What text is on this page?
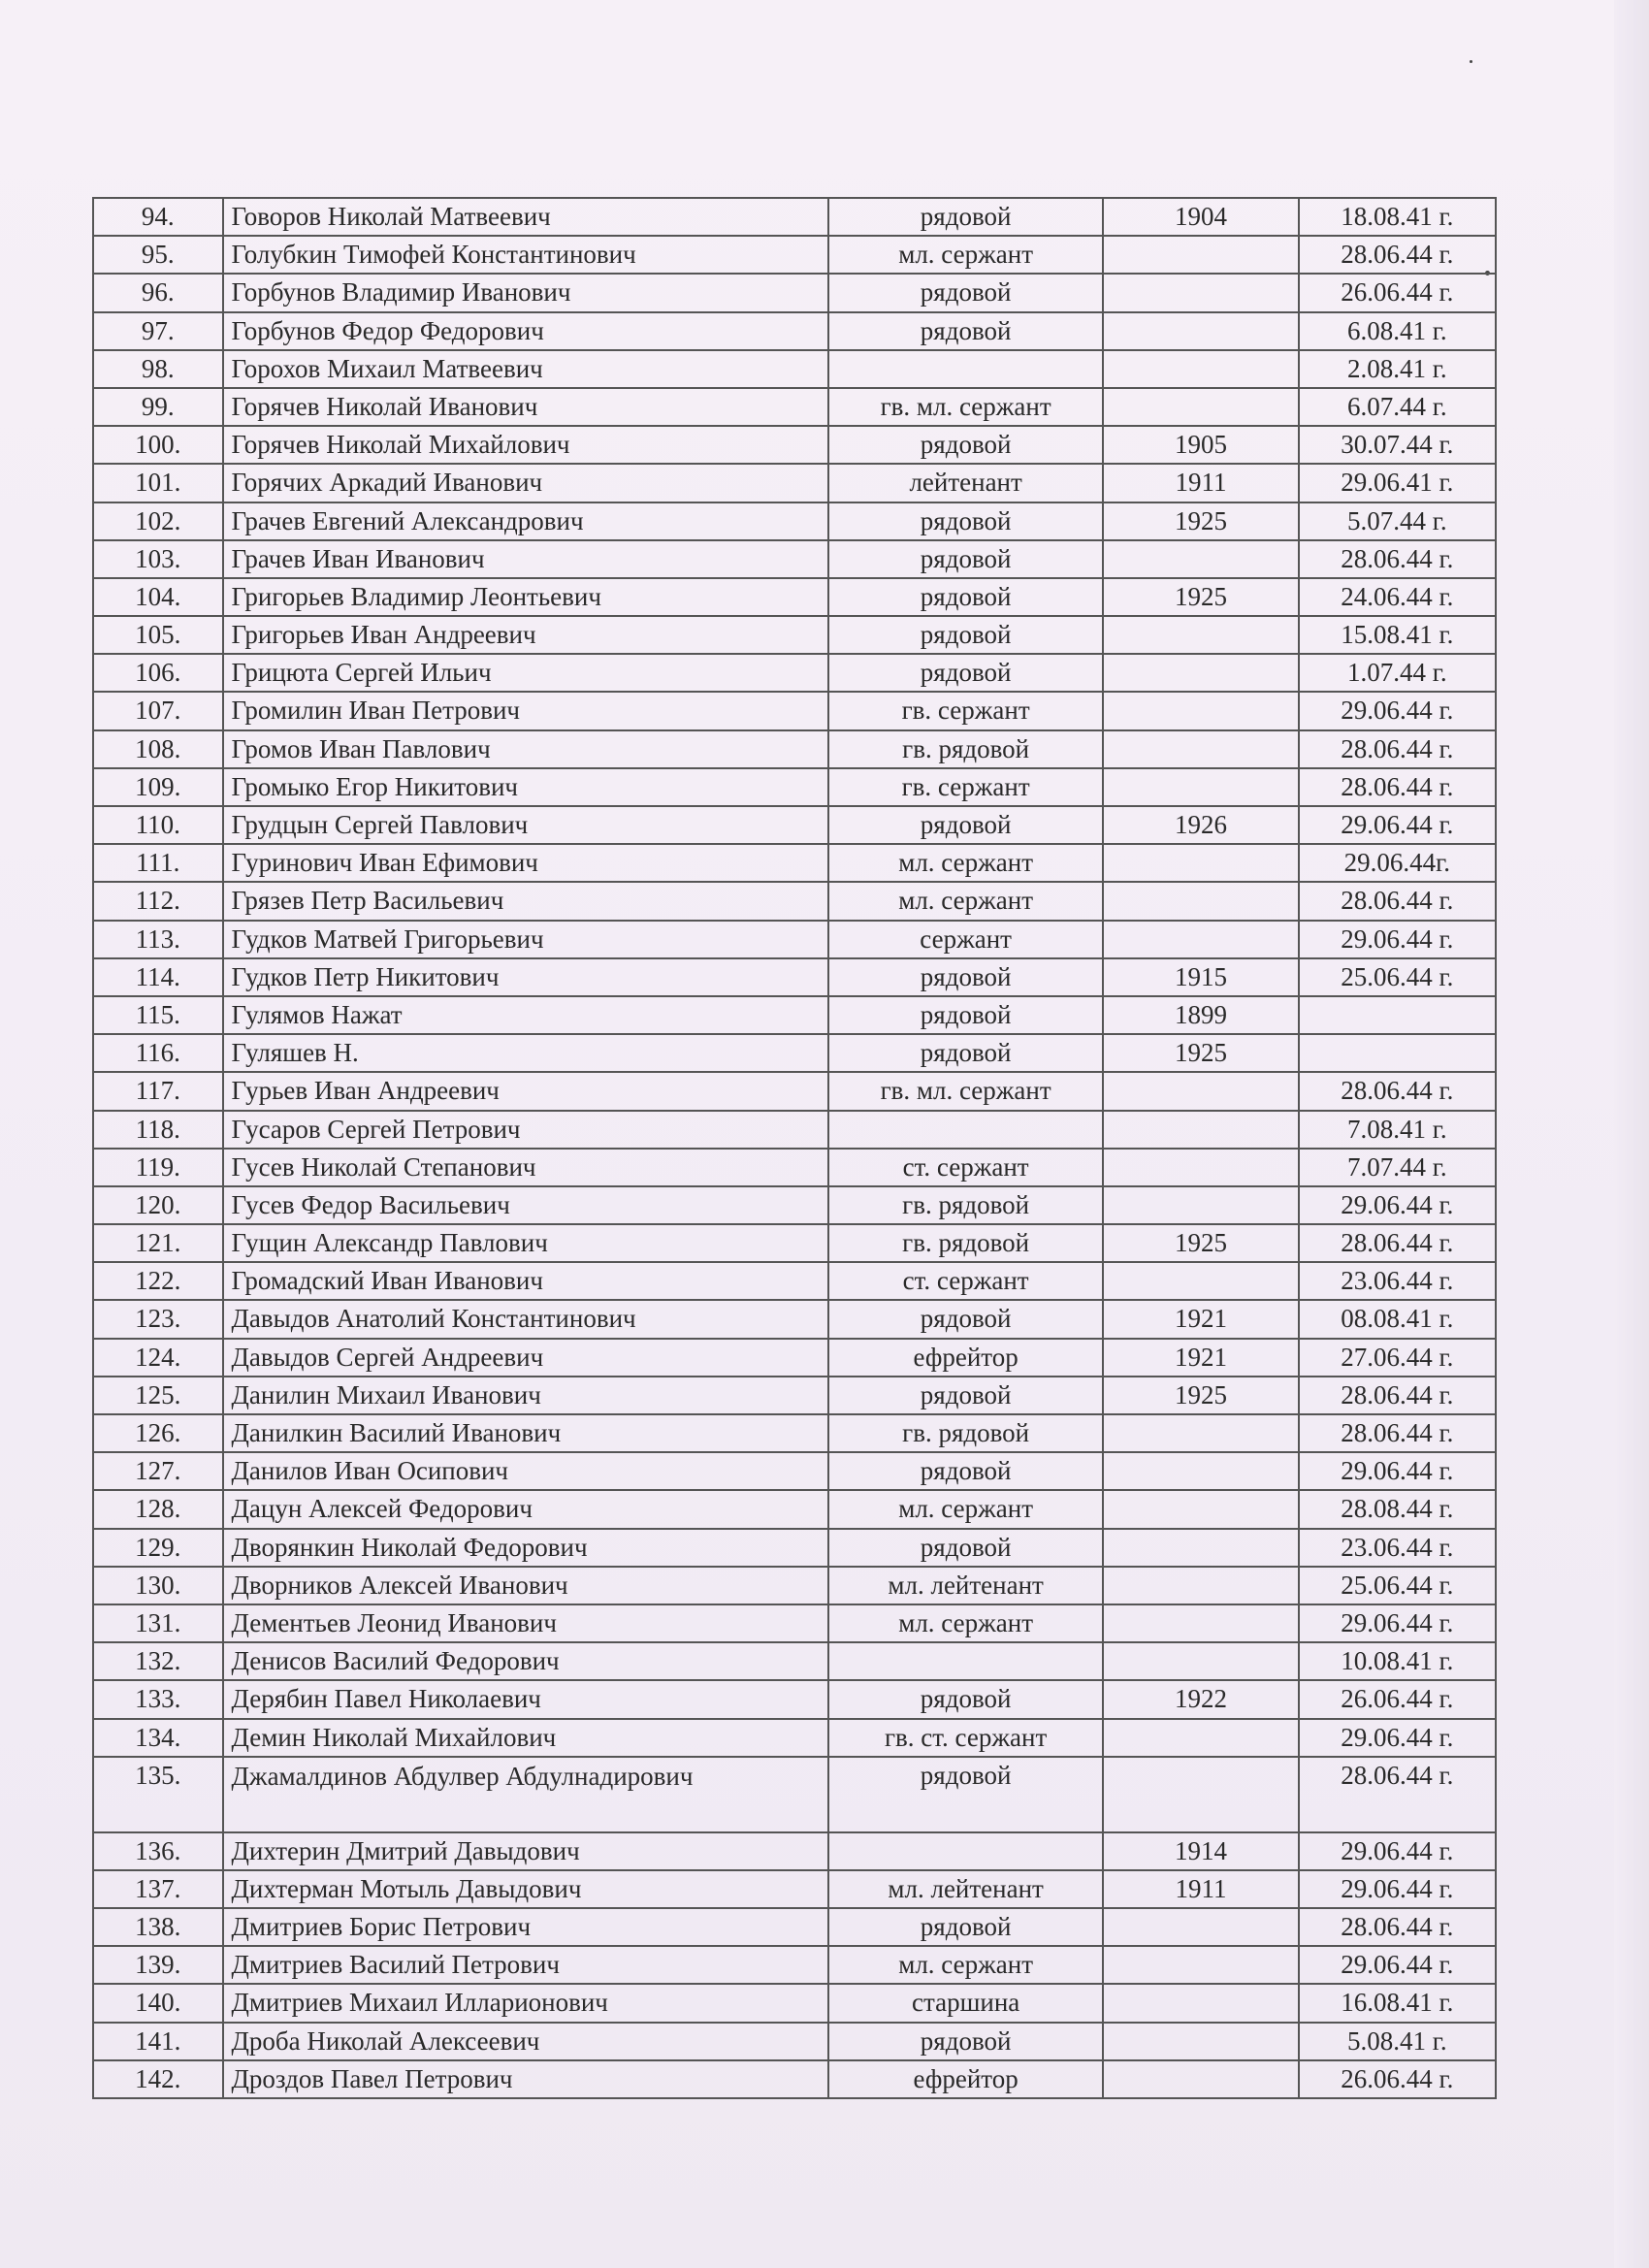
94.	Говоров Николай Матвеевич	рядовой	1904	18.08.41 г.
95.	Голубкин Тимофей Константинович	мл. сержант		28.06.44 г.
96.	Горбунов Владимир Иванович	рядовой		26.06.44 г.
97.	Горбунов Федор Федорович	рядовой		6.08.41 г.
98.	Горохов Михаил Матвеевич			2.08.41 г.
99.	Горячев Николай Иванович	гв. мл. сержант		6.07.44 г.
100.	Горячев Николай Михайлович	рядовой	1905	30.07.44 г.
101.	Горячих Аркадий Иванович	лейтенант	1911	29.06.41 г.
102.	Грачев Евгений Александрович	рядовой	1925	5.07.44 г.
103.	Грачев Иван Иванович	рядовой		28.06.44 г.
104.	Григорьев Владимир Леонтьевич	рядовой	1925	24.06.44 г.
105.	Григорьев Иван Андреевич	рядовой		15.08.41 г.
106.	Грицюта Сергей Ильич	рядовой		1.07.44 г.
107.	Громилин Иван Петрович	гв. сержант		29.06.44 г.
108.	Громов Иван Павлович	гв. рядовой		28.06.44 г.
109.	Громыко Егор Никитович	гв. сержант		28.06.44 г.
110.	Грудцын Сергей Павлович	рядовой	1926	29.06.44 г.
111.	Гуринович Иван Ефимович	мл. сержант		29.06.44г.
112.	Грязев Петр Васильевич	мл. сержант		28.06.44 г.
113.	Гудков Матвей Григорьевич	сержант		29.06.44 г.
114.	Гудков Петр Никитович	рядовой	1915	25.06.44 г.
115.	Гулямов Нажат	рядовой	1899	
116.	Гуляшев Н.	рядовой	1925	
117.	Гурьев Иван Андреевич	гв. мл. сержант		28.06.44 г.
118.	Гусаров Сергей Петрович			7.08.41 г.
119.	Гусев Николай Степанович	ст. сержант		7.07.44 г.
120.	Гусев Федор Васильевич	гв. рядовой		29.06.44 г.
121.	Гущин Александр Павлович	гв. рядовой	1925	28.06.44 г.
122.	Громадский Иван Иванович	ст. сержант		23.06.44 г.
123.	Давыдов Анатолий Константинович	рядовой	1921	08.08.41 г.
124.	Давыдов Сергей Андреевич	ефрейтор	1921	27.06.44 г.
125.	Данилин Михаил Иванович	рядовой	1925	28.06.44 г.
126.	Данилкин Василий Иванович	гв. рядовой		28.06.44 г.
127.	Данилов Иван Осипович	рядовой		29.06.44 г.
128.	Дацун Алексей Федорович	мл. сержант		28.08.44 г.
129.	Дворянкин Николай Федорович	рядовой		23.06.44 г.
130.	Дворников Алексей Иванович	мл. лейтенант		25.06.44 г.
131.	Дементьев Леонид Иванович	мл. сержант		29.06.44 г.
132.	Денисов Василий Федорович			10.08.41 г.
133.	Дерябин Павел Николаевич	рядовой	1922	26.06.44 г.
134.	Демин Николай Михайлович	гв. ст. сержант		29.06.44 г.
135.	Джамалдинов Абдулвер Абдулнадирович	рядовой		28.06.44 г.
136.	Дихтерин Дмитрий Давыдович		1914	29.06.44 г.
137.	Дихтерман Мотыль Давыдович	мл. лейтенант	1911	29.06.44 г.
138.	Дмитриев Борис Петрович	рядовой		28.06.44 г.
139.	Дмитриев Василий Петрович	мл. сержант		29.06.44 г.
140.	Дмитриев Михаил Илларионович	старшина		16.08.41 г.
141.	Дроба Николай Алексеевич	рядовой		5.08.41 г.
142.	Дроздов Павел Петрович	ефрейтор		26.06.44 г.
